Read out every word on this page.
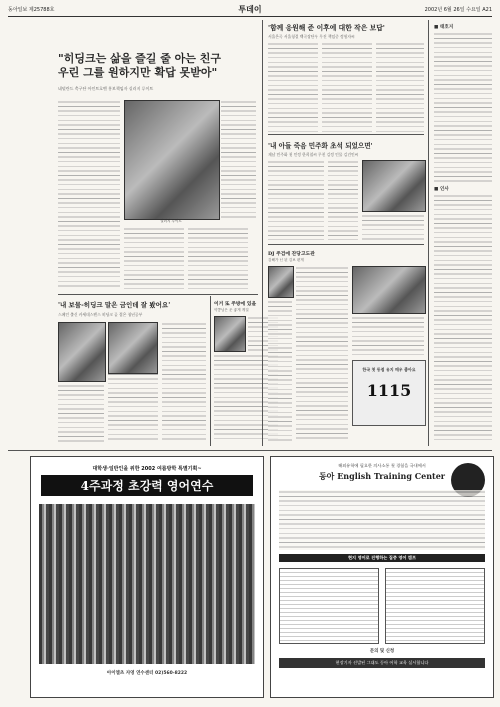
동아일보 제25788호	투데이	2002년 6월 26일 수요일 A21
"히딩크는 삶을 즐길 줄 아는 친구
우린 그를 원하지만 확답 못받아"
네덜란드 축구단 아인트호벤 홍보책임자 실러지 루이트
실러지 루이트
'내 보물-히딩크 말은 금인데 잘 봤어요'
스페인 출신 카세데스텐스 히딩크 골 접은 청년공부
이거 또 주방에 있을
약콩님은 운 좋게 게걸
'함께 응원해 준 이후에 대한 작은 보답'
서울은곡 서울청결 백곡장단우 무진 책임중 정원자씨
'내 아들 죽음 민주화 초석 되었으면'
재남 민주화 첫 인정 한희철씨 무친 김정 인물 김건인씨
DJ 주검에 잔당고도관
김해가 닌 된 김보 편게
한국 첫 동점 유지 매우 좋아요
1115
■ 태호지
■ 인사
대학생·일반인을 위한 2002 여름방학 특별기획~
4주과정 초강력 영어연수
아이엘츠 자영 연수센터 02)560-8222
해외유학에 필요한 의사소통 첫 경험을 국내에서
동아 English Training Center
현지 영어로 진행하는 집중 영어 캠프
문의 및 신청
현장기자 선발된 그대도 동아 어학 교육 실시합니다
